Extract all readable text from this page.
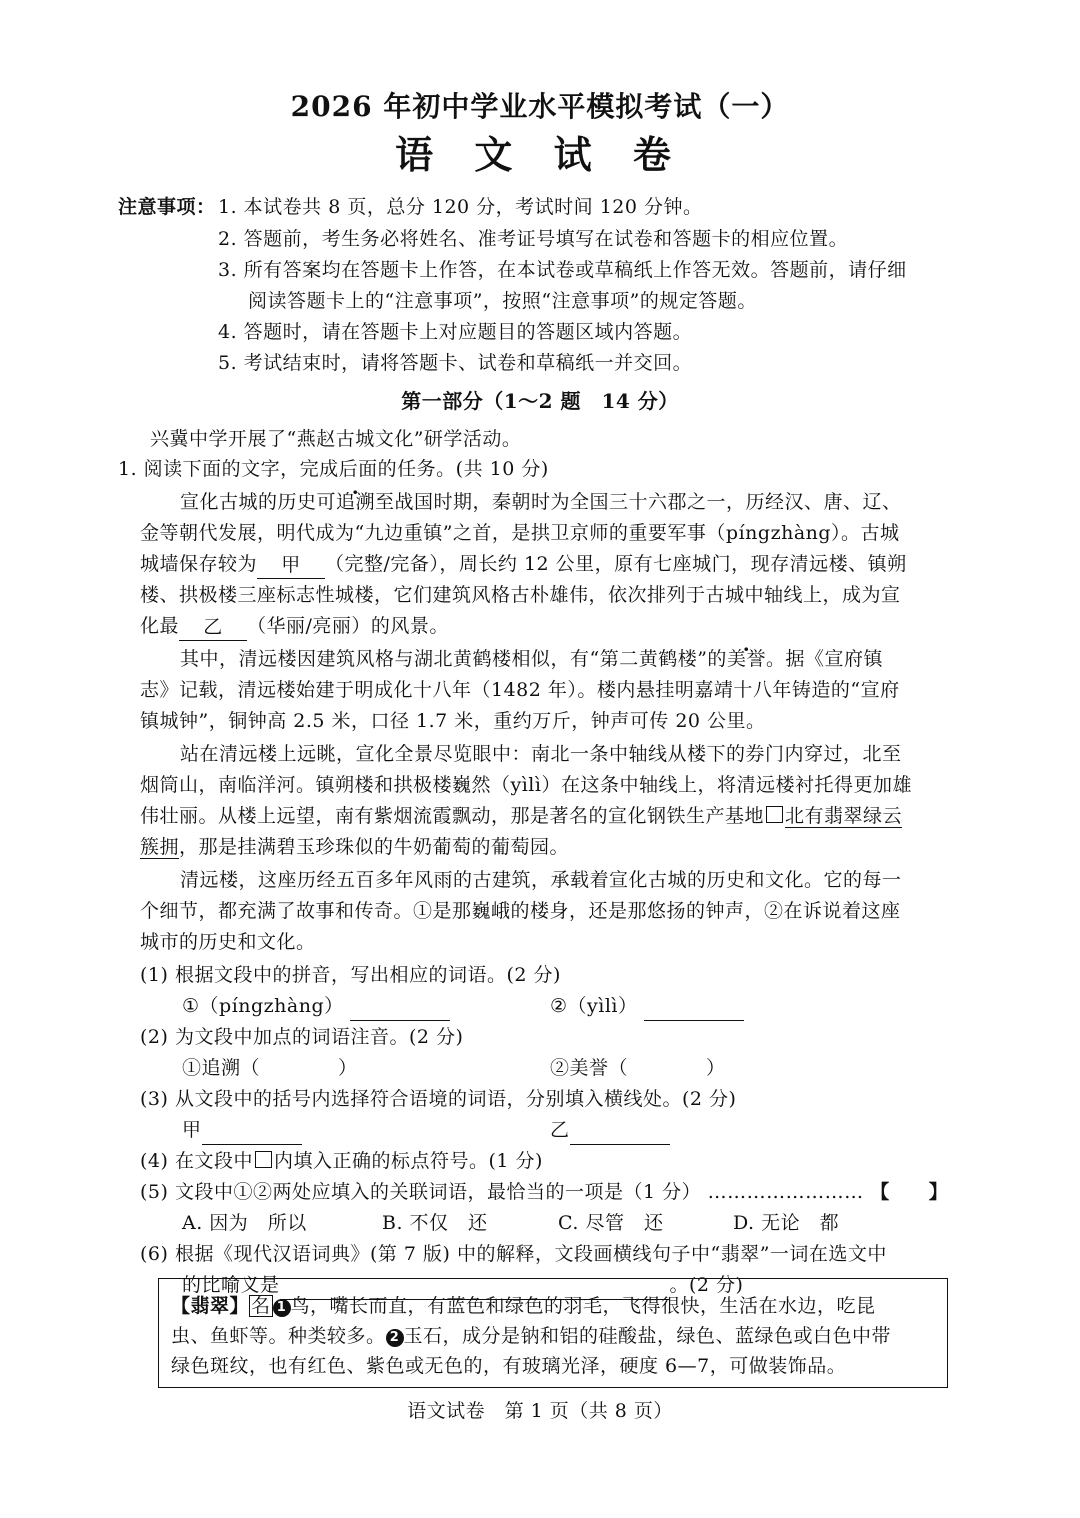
2026 年初中学业水平模拟考试（一）
语 文 试 卷
注意事项： 1. 本试卷共 8 页，总分 120 分，考试时间 120 分钟。
2. 答题前，考生务必将姓名、准考证号填写在试卷和答题卡的相应位置。
3. 所有答案均在答题卡上作答，在本试卷或草稿纸上作答无效。答题前，请仔细
阅读答题卡上的“注意事项”，按照“注意事项”的规定答题。
4. 答题时，请在答题卡上对应题目的答题区域内答题。
5. 考试结束时，请将答题卡、试卷和草稿纸一并交回。
第一部分（1～2 题　14 分）
兴冀中学开展了“燕赵古城文化”研学活动。
1. 阅读下面的文字，完成后面的任务。(共 10 分)
宣化古城的历史可追溯至战国时期，秦朝时为全国三十六郡之一，历经汉、唐、辽、
金等朝代发展，明代成为“九边重镇”之首，是拱卫京师的重要军事（píngzhàng）。古城
城墙保存较为 甲 （完整/完备），周长约 12 公里，原有七座城门，现存清远楼、镇朔
楼、拱极楼三座标志性城楼，它们建筑风格古朴雄伟，依次排列于古城中轴线上，成为宣
化最 乙 （华丽/亮丽）的风景。
其中，清远楼因建筑风格与湖北黄鹤楼相似，有“第二黄鹤楼”的美誉。据《宣府镇
志》记载，清远楼始建于明成化十八年（1482 年）。楼内悬挂明嘉靖十八年铸造的“宣府
镇城钟”，铜钟高 2.5 米，口径 1.7 米，重约万斤，钟声可传 20 公里。
站在清远楼上远眺，宣化全景尽览眼中：南北一条中轴线从楼下的券门内穿过，北至
烟筒山，南临洋河。镇朔楼和拱极楼巍然（yìlì）在这条中轴线上，将清远楼衬托得更加雄
伟壮丽。从楼上远望，南有紫烟流霞飘动，那是著名的宣化钢铁生产基地 北有翡翠绿云
簇拥，那是挂满碧玉珍珠似的牛奶葡萄的葡萄园。
清远楼，这座历经五百多年风雨的古建筑，承载着宣化古城的历史和文化。它的每一
个细节，都充满了故事和传奇。①是那巍峨的楼身，还是那悠扬的钟声，②在诉说着这座
城市的历史和文化。
(1) 根据文段中的拼音，写出相应的词语。(2 分)
①（píngzhàng）	②（yìlì）
(2) 为文段中加点的词语注音。(2 分)
①追溯（　　　　）	②美誉（　　　　）
(3) 从文段中的括号内选择符合语境的词语，分别填入横线处。(2 分)
甲	乙
(4) 在文段中 内填入正确的标点符号。(1 分)
(5) 文段中①②两处应填入的关联词语，最恰当的一项是（1 分） …………………… 【　　】
A. 因为　所以	B. 不仅　还	C. 尽管　还	D. 无论　都
(6) 根据《现代汉语词典》(第 7 版) 中的解释，文段画横线句子中“翡翠”一词在选文中
的比喻义是	。(2 分)
【翡翠】 名 1 鸟，嘴长而直，有蓝色和绿色的羽毛，飞得很快，生活在水边，吃昆
虫、鱼虾等。种类较多。 2 玉石，成分是钠和铝的硅酸盐，绿色、蓝绿色或白色中带
绿色斑纹，也有红色、紫色或无色的，有玻璃光泽，硬度 6—7，可做装饰品。
语文试卷　第 1 页（共 8 页）
